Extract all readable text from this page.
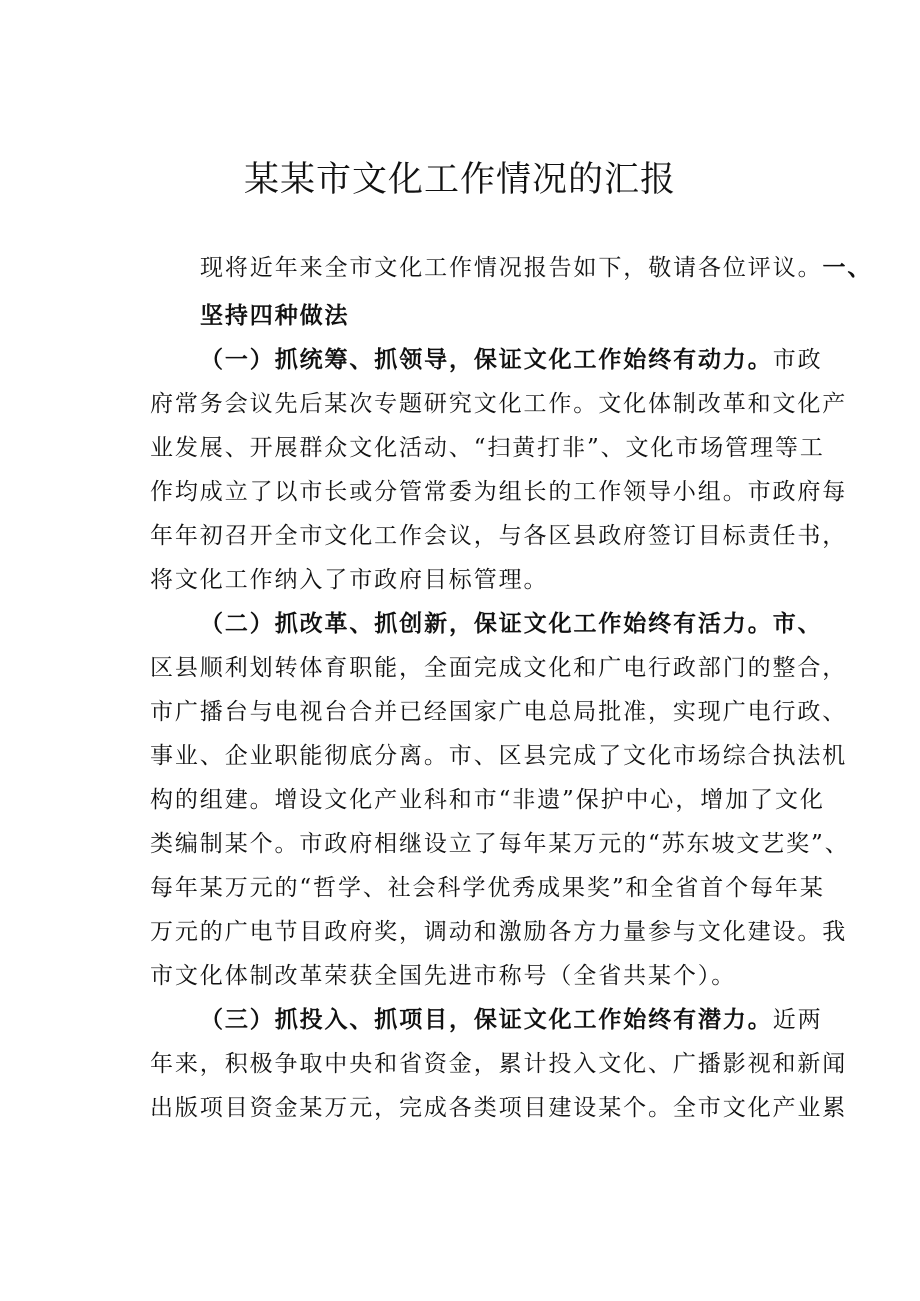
某某市文化工作情况的汇报
现将近年来全市文化工作情况报告如下，敬请各位评议。一、
坚持四种做法
（一）抓统筹、抓领导，保证文化工作始终有动力。市政
府常务会议先后某次专题研究文化工作。文化体制改革和文化产
业发展、开展群众文化活动、“扫黄打非”、文化市场管理等工
作均成立了以市长或分管常委为组长的工作领导小组。市政府每
年年初召开全市文化工作会议，与各区县政府签订目标责任书，
将文化工作纳入了市政府目标管理。
（二）抓改革、抓创新，保证文化工作始终有活力。市、
区县顺利划转体育职能，全面完成文化和广电行政部门的整合，
市广播台与电视台合并已经国家广电总局批准，实现广电行政、
事业、企业职能彻底分离。市、区县完成了文化市场综合执法机
构的组建。增设文化产业科和市“非遗”保护中心，增加了文化
类编制某个。市政府相继设立了每年某万元的“苏东坡文艺奖”、
每年某万元的“哲学、社会科学优秀成果奖”和全省首个每年某
万元的广电节目政府奖，调动和激励各方力量参与文化建设。我
市文化体制改革荣获全国先进市称号（全省共某个）。
（三）抓投入、抓项目，保证文化工作始终有潜力。近两
年来，积极争取中央和省资金，累计投入文化、广播影视和新闻
出版项目资金某万元，完成各类项目建设某个。全市文化产业累
